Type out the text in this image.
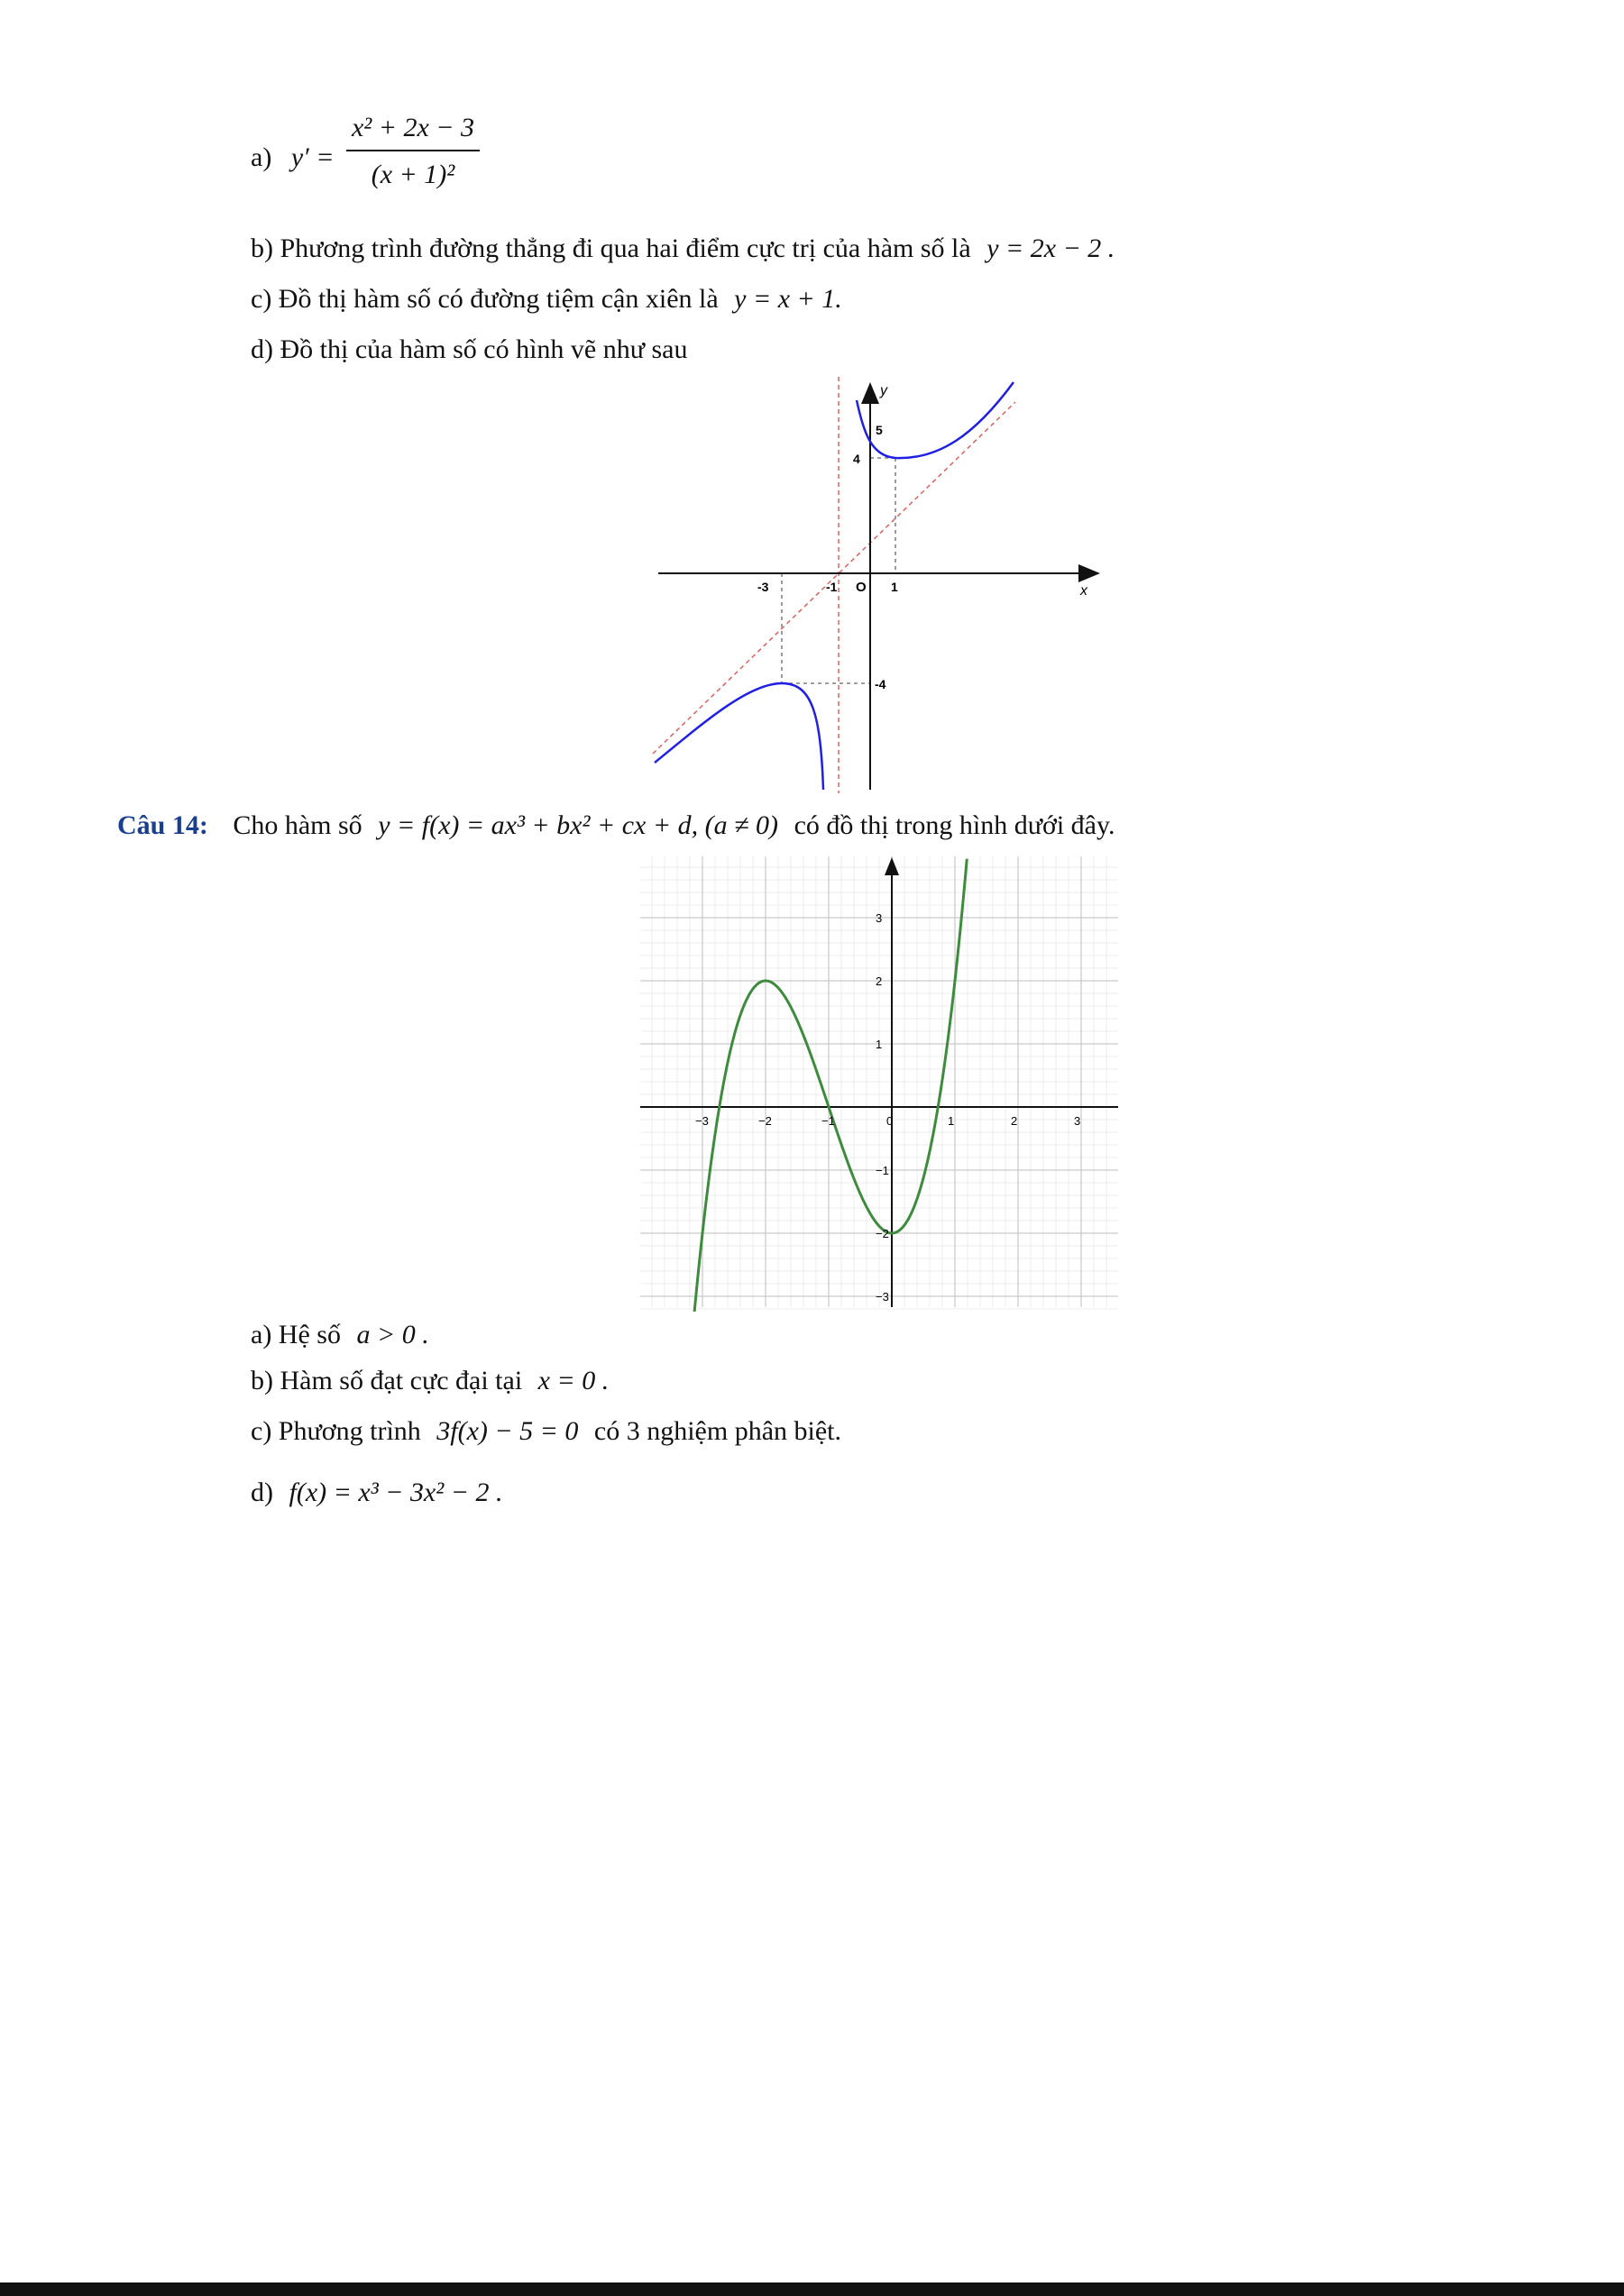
a) $y' = \frac{\text{x² + 2x − 3}}{\text{(x + 1)²}}$
b) Phương trình đường thẳng đi qua hai điểm cực trị của hàm số là y = 2x − 2 .
c) Đồ thị hàm số có đường tiệm cận xiên là y = x + 1.
d) Đồ thị của hàm số có hình vẽ như sau
y
x
O
5
4
-4
-3	-1	1
Câu 14: Cho hàm số y = f(x) = ax³ + bx² + cx + d, (a ≠ 0) có đồ thị trong hình dưới đây.
−3	−2	−1	0	1	2	3
3
2
1
−1
−2
−3
a) Hệ số a > 0 .
b) Hàm số đạt cực đại tại x = 0 .
c) Phương trình 3f(x) − 5 = 0 có 3 nghiệm phân biệt.
d) f(x) = x³ − 3x² − 2 .
